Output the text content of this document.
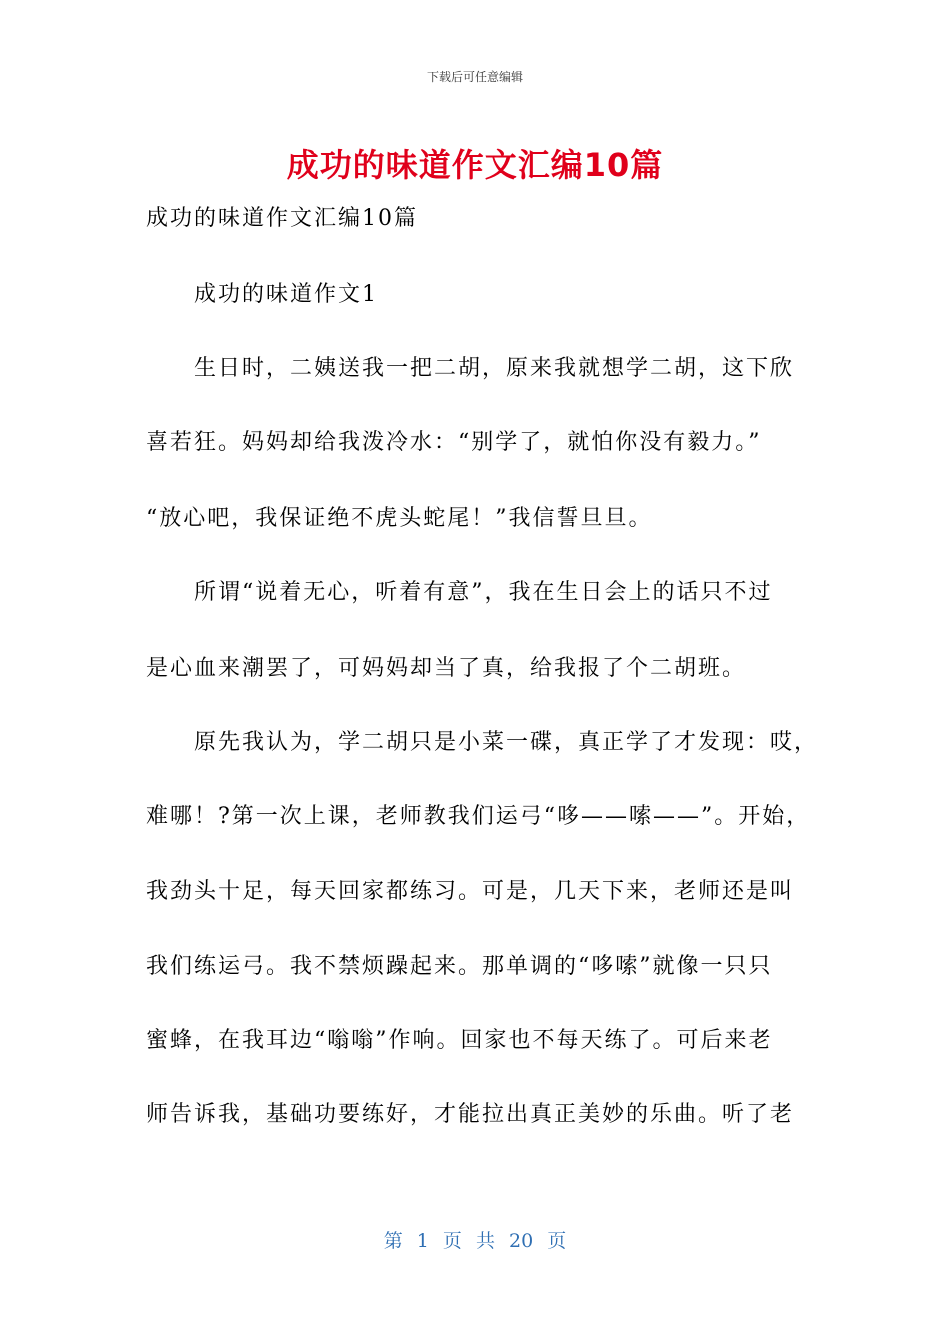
下载后可任意编辑
成功的味道作文汇编10篇
成功的味道作文汇编10篇
成功的味道作文1
生日时，二姨送我一把二胡，原来我就想学二胡，这下欣
喜若狂。妈妈却给我泼冷水：“别学了，就怕你没有毅力。”
“放心吧，我保证绝不虎头蛇尾！”我信誓旦旦。
所谓“说着无心，听着有意”，我在生日会上的话只不过
是心血来潮罢了，可妈妈却当了真，给我报了个二胡班。
原先我认为，学二胡只是小菜一碟，真正学了才发现：哎，
难哪！?第一次上课，老师教我们运弓“哆——嗦——”。开始，
我劲头十足，每天回家都练习。可是，几天下来，老师还是叫
我们练运弓。我不禁烦躁起来。那单调的“哆嗦”就像一只只
蜜蜂，在我耳边“嗡嗡”作响。回家也不每天练了。可后来老
师告诉我，基础功要练好，才能拉出真正美妙的乐曲。听了老
第 1 页 共 20 页
